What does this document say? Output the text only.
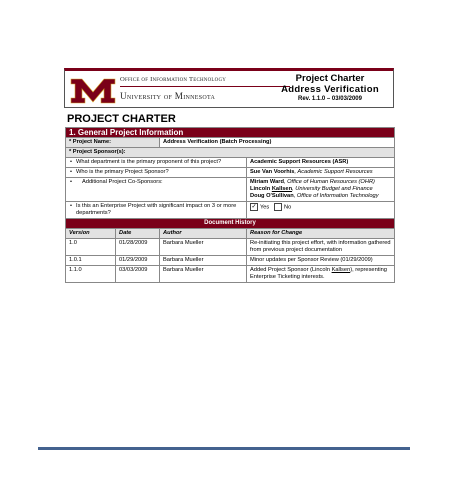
Office of Information Technology
University of Minnesota
Project Charter
Address Verification
Rev. 1.1.0 – 03/03/2009
PROJECT CHARTER
1. General Project Information			
* Project Name:		Address Verification (Batch Processing)	
* Project Sponsor(s):			
• What department is the primary proponent of this project?			Academic Support Resources (ASR)
• Who is the primary Project Sponsor?			Sue Van Voorhis, Academic Support Resources
• Additional Project Co-Sponsors:			Miriam Ward, Office of Human Resources (OHR)
Lincoln Kallsen, University Budget and Finance
Doug O'Sullivan, Office of Information Technology

• Is this an Enterprise Project with significant impact on 3 or more departments?			✓ Yes No
Document History			
Version	Date	Author	Reason for Change
1.0	01/28/2009	Barbara Mueller	Re-initiating this project effort, with information gathered from previous project documentation
1.0.1	01/29/2009	Barbara Mueller	Minor updates per Sponsor Review (01/29/2009)
1.1.0	03/03/2009	Barbara Mueller	Added Project Sponsor (Lincoln Kallsen), representing Enterprise Ticketing interests.
